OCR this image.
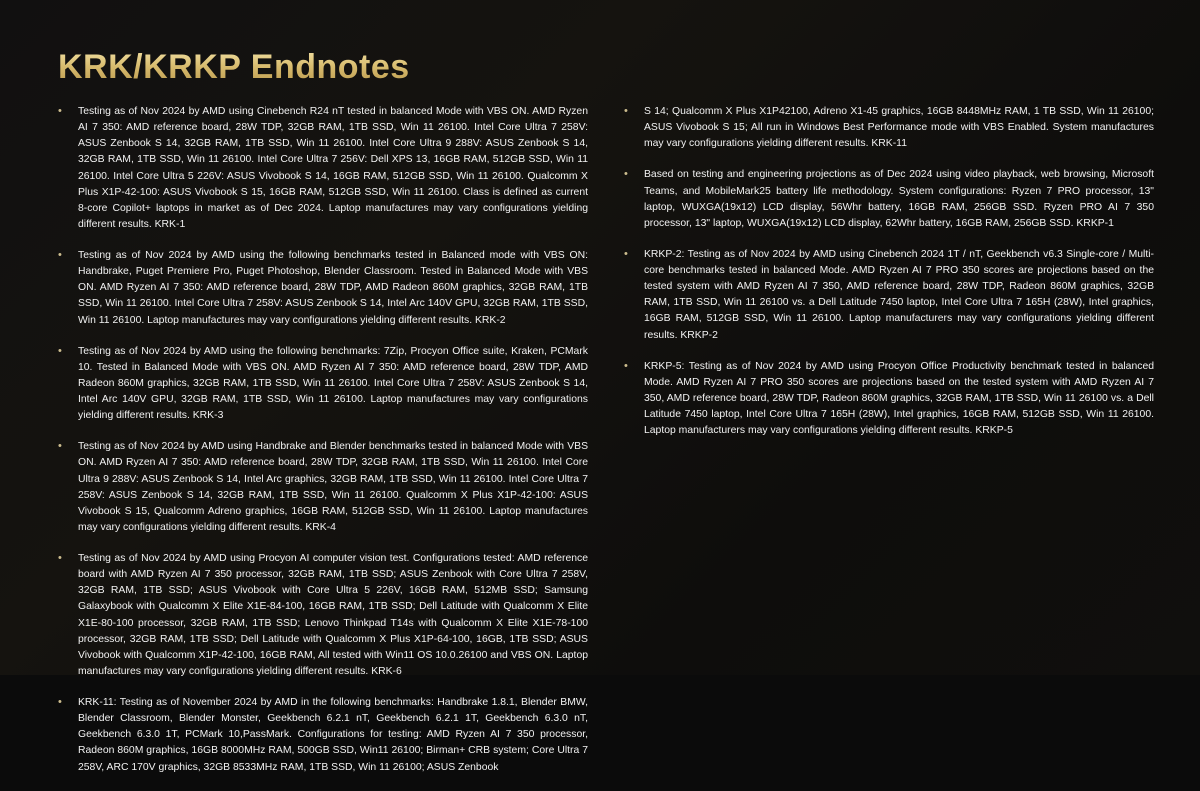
KRK/KRKP Endnotes
• Testing as of Nov 2024 by AMD using Cinebench R24 nT tested in balanced Mode with VBS ON. AMD Ryzen AI 7 350: AMD reference board, 28W TDP, 32GB RAM, 1TB SSD, Win 11 26100. Intel Core Ultra 7 258V: ASUS Zenbook S 14, 32GB RAM, 1TB SSD, Win 11 26100. Intel Core Ultra 9 288V: ASUS Zenbook S 14, 32GB RAM, 1TB SSD, Win 11 26100. Intel Core Ultra 7 256V: Dell XPS 13, 16GB RAM, 512GB SSD, Win 11 26100. Intel Core Ultra 5 226V: ASUS Vivobook S 14, 16GB RAM, 512GB SSD, Win 11 26100. Qualcomm X Plus X1P-42-100: ASUS Vivobook S 15, 16GB RAM, 512GB SSD, Win 11 26100. Class is defined as current 8-core Copilot+ laptops in market as of Dec 2024. Laptop manufactures may vary configurations yielding different results. KRK-1
• Testing as of Nov 2024 by AMD using the following benchmarks tested in Balanced mode with VBS ON: Handbrake, Puget Premiere Pro, Puget Photoshop, Blender Classroom. Tested in Balanced Mode with VBS ON. AMD Ryzen AI 7 350: AMD reference board, 28W TDP, AMD Radeon 860M graphics, 32GB RAM, 1TB SSD, Win 11 26100. Intel Core Ultra 7 258V: ASUS Zenbook S 14, Intel Arc 140V GPU, 32GB RAM, 1TB SSD, Win 11 26100. Laptop manufactures may vary configurations yielding different results. KRK-2
• Testing as of Nov 2024 by AMD using the following benchmarks: 7Zip, Procyon Office suite, Kraken, PCMark 10. Tested in Balanced Mode with VBS ON. AMD Ryzen AI 7 350: AMD reference board, 28W TDP, AMD Radeon 860M graphics, 32GB RAM, 1TB SSD, Win 11 26100. Intel Core Ultra 7 258V: ASUS Zenbook S 14, Intel Arc 140V GPU, 32GB RAM, 1TB SSD, Win 11 26100. Laptop manufactures may vary configurations yielding different results. KRK-3
• Testing as of Nov 2024 by AMD using Handbrake and Blender benchmarks tested in balanced Mode with VBS ON. AMD Ryzen AI 7 350: AMD reference board, 28W TDP, 32GB RAM, 1TB SSD, Win 11 26100. Intel Core Ultra 9 288V: ASUS Zenbook S 14, Intel Arc graphics, 32GB RAM, 1TB SSD, Win 11 26100. Intel Core Ultra 7 258V: ASUS Zenbook S 14, 32GB RAM, 1TB SSD, Win 11 26100. Qualcomm X Plus X1P-42-100: ASUS Vivobook S 15, Qualcomm Adreno graphics, 16GB RAM, 512GB SSD, Win 11 26100. Laptop manufactures may vary configurations yielding different results. KRK-4
• Testing as of Nov 2024 by AMD using Procyon AI computer vision test. Configurations tested: AMD reference board with AMD Ryzen AI 7 350 processor, 32GB RAM, 1TB SSD; ASUS Zenbook with Core Ultra 7 258V, 32GB RAM, 1TB SSD; ASUS Vivobook with Core Ultra 5 226V, 16GB RAM, 512MB SSD; Samsung Galaxybook with Qualcomm X Elite X1E-84-100, 16GB RAM, 1TB SSD; Dell Latitude with Qualcomm X Elite X1E-80-100 processor, 32GB RAM, 1TB SSD; Lenovo Thinkpad T14s with Qualcomm X Elite X1E-78-100 processor, 32GB RAM, 1TB SSD; Dell Latitude with Qualcomm X Plus X1P-64-100, 16GB, 1TB SSD; ASUS Vivobook with Qualcomm X1P-42-100, 16GB RAM, All tested with Win11 OS 10.0.26100 and VBS ON. Laptop manufactures may vary configurations yielding different results. KRK-6
• KRK-11: Testing as of November 2024 by AMD in the following benchmarks: Handbrake 1.8.1, Blender BMW, Blender Classroom, Blender Monster, Geekbench 6.2.1 nT, Geekbench 6.2.1 1T, Geekbench 6.3.0 nT, Geekbench 6.3.0 1T, PCMark 10,PassMark. Configurations for testing: AMD Ryzen AI 7 350 processor, Radeon 860M graphics, 16GB 8000MHz RAM, 500GB SSD, Win11 26100; Birman+ CRB system; Core Ultra 7 258V, ARC 170V graphics, 32GB 8533MHz RAM, 1TB SSD, Win 11 26100; ASUS Zenbook
• S 14; Qualcomm X Plus X1P42100, Adreno X1-45 graphics, 16GB 8448MHz RAM, 1 TB SSD, Win 11 26100; ASUS Vivobook S 15; All run in Windows Best Performance mode with VBS Enabled. System manufactures may vary configurations yielding different results. KRK-11
• Based on testing and engineering projections as of Dec 2024 using video playback, web browsing, Microsoft Teams, and MobileMark25 battery life methodology. System configurations: Ryzen 7 PRO processor, 13" laptop, WUXGA(19x12) LCD display, 56Whr battery, 16GB RAM, 256GB SSD. Ryzen PRO AI 7 350 processor, 13" laptop, WUXGA(19x12) LCD display, 62Whr battery, 16GB RAM, 256GB SSD. KRKP-1
• KRKP-2: Testing as of Nov 2024 by AMD using Cinebench 2024 1T / nT, Geekbench v6.3 Single-core / Multi-core benchmarks tested in balanced Mode. AMD Ryzen AI 7 PRO 350 scores are projections based on the tested system with AMD Ryzen AI 7 350, AMD reference board, 28W TDP, Radeon 860M graphics, 32GB RAM, 1TB SSD, Win 11 26100 vs. a Dell Latitude 7450 laptop, Intel Core Ultra 7 165H (28W), Intel graphics, 16GB RAM, 512GB SSD, Win 11 26100. Laptop manufacturers may vary configurations yielding different results. KRKP-2
• KRKP-5: Testing as of Nov 2024 by AMD using Procyon Office Productivity benchmark tested in balanced Mode. AMD Ryzen AI 7 PRO 350 scores are projections based on the tested system with AMD Ryzen AI 7 350, AMD reference board, 28W TDP, Radeon 860M graphics, 32GB RAM, 1TB SSD, Win 11 26100 vs. a Dell Latitude 7450 laptop, Intel Core Ultra 7 165H (28W), Intel graphics, 16GB RAM, 512GB SSD, Win 11 26100. Laptop manufacturers may vary configurations yielding different results. KRKP-5
